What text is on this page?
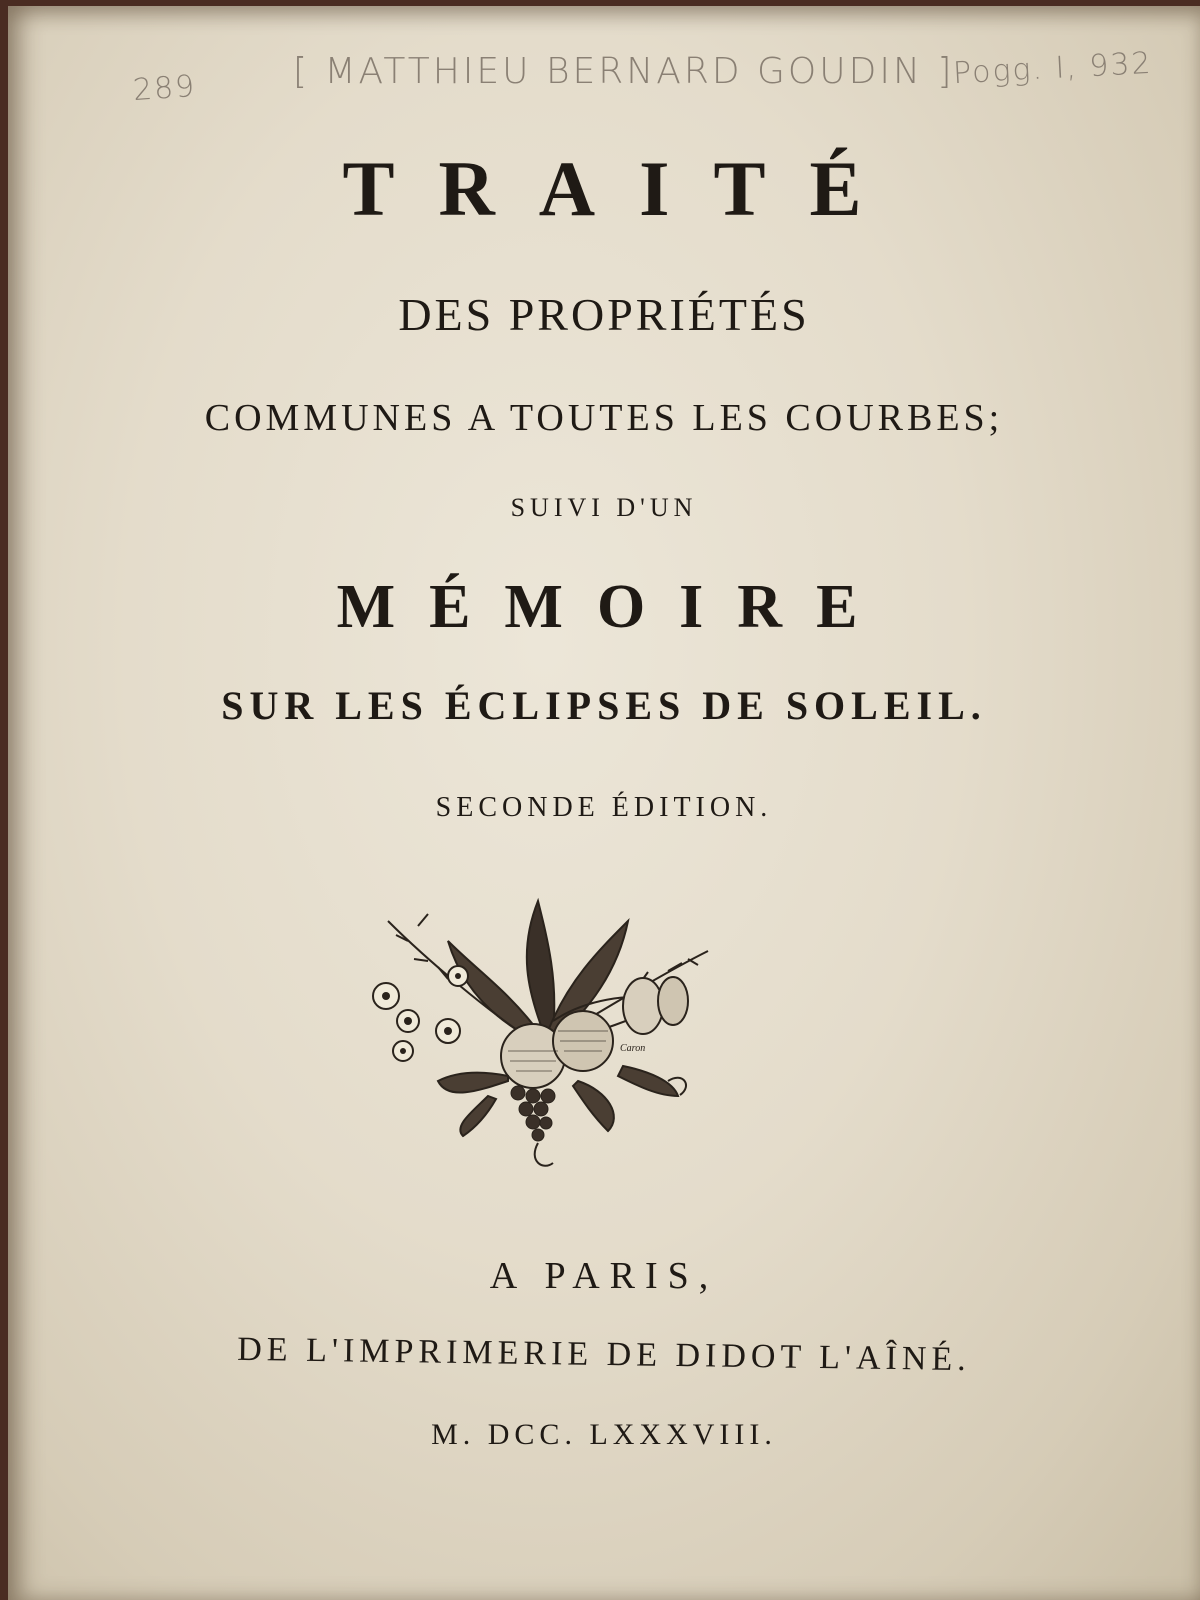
289	[ MATTHIEU BERNARD GOUDIN ]
Pogg. I, 932
TRAITÉ
DES PROPRIÉTÉS
COMMUNES A TOUTES LES COURBES;
SUIVI D'UN
MÉMOIRE
SUR LES ÉCLIPSES DE SOLEIL.
SECONDE ÉDITION.
Caron
A PARIS,
DE L'IMPRIMERIE DE DIDOT L'AÎNÉ.
M. DCC. LXXXVIII.
